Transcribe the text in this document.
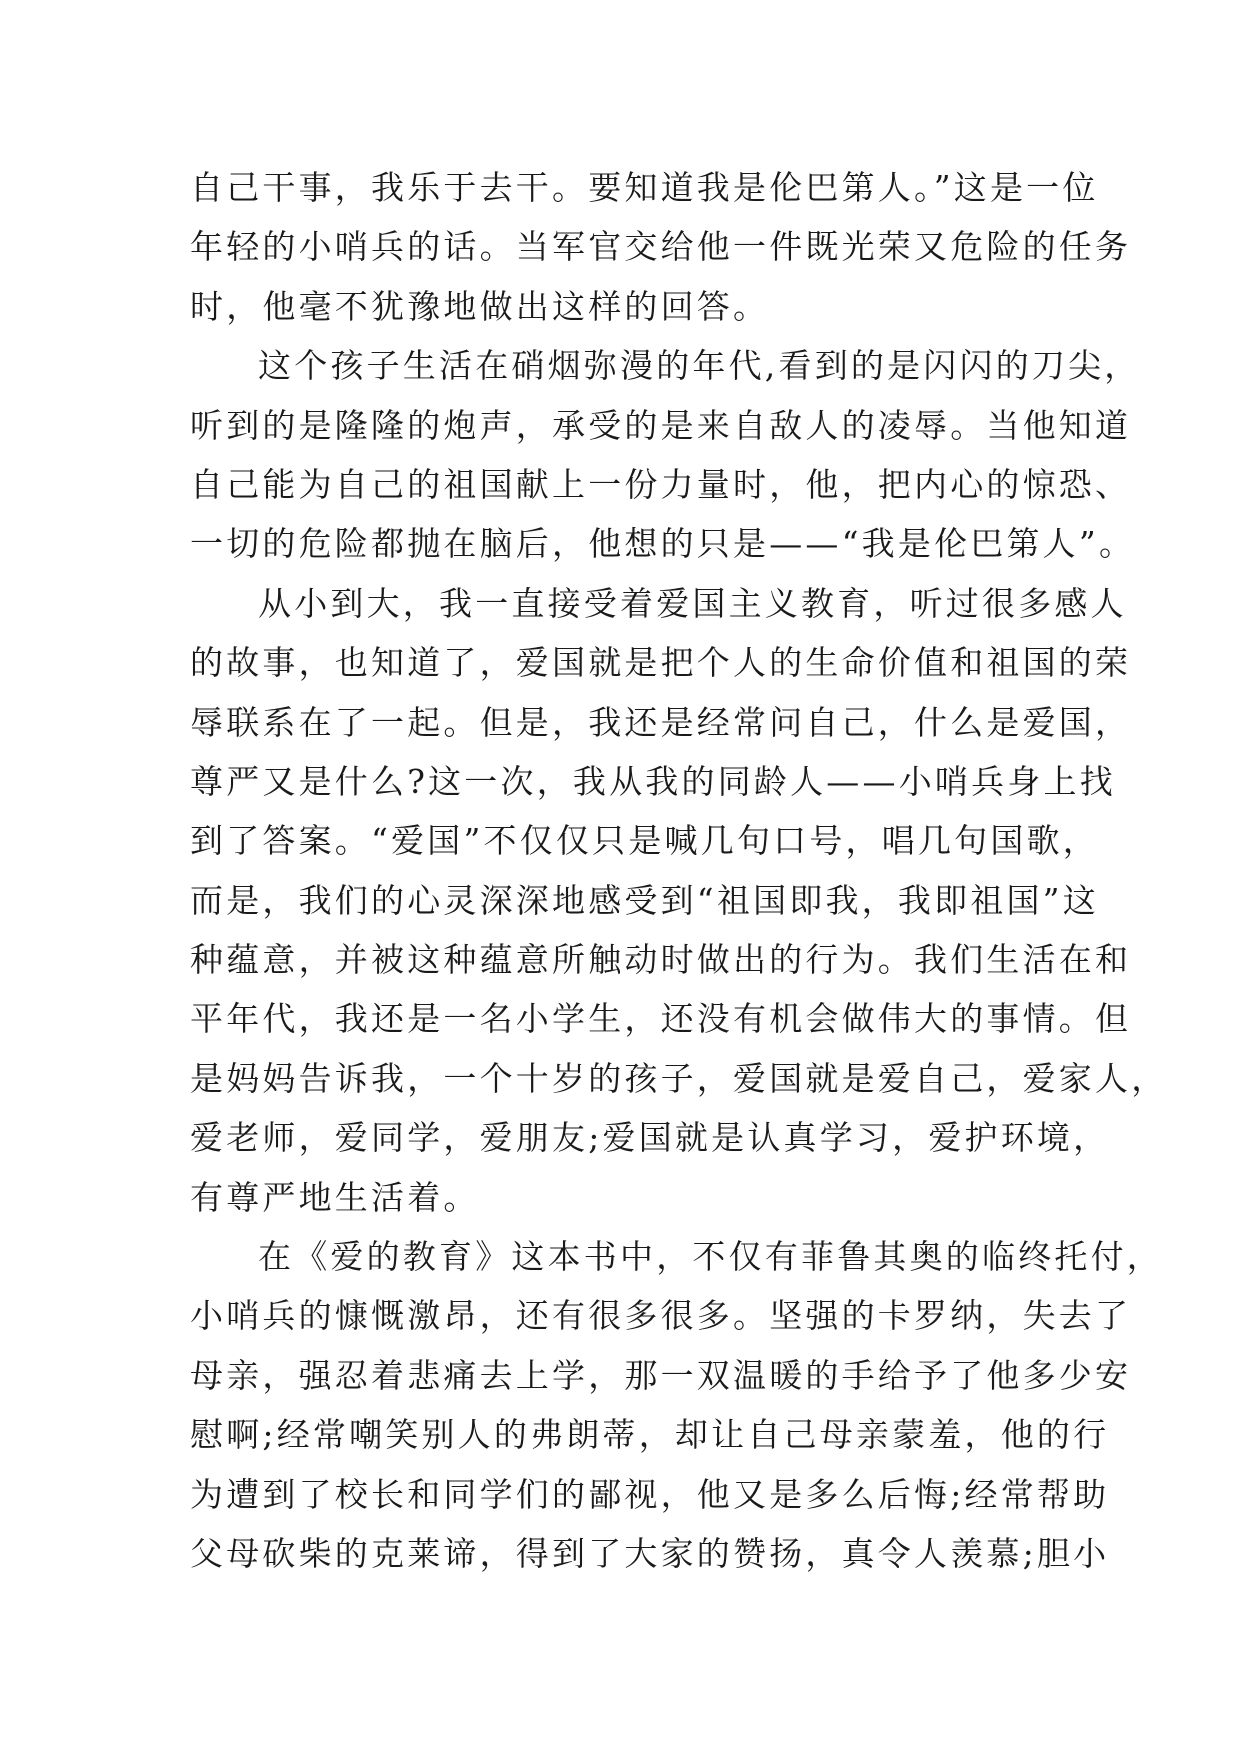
自己干事，我乐于去干。要知道我是伦巴第人。”这是一位
年轻的小哨兵的话。当军官交给他一件既光荣又危险的任务
时，他毫不犹豫地做出这样的回答。
这个孩子生活在硝烟弥漫的年代,看到的是闪闪的刀尖，
听到的是隆隆的炮声，承受的是来自敌人的凌辱。当他知道
自己能为自己的祖国献上一份力量时，他，把内心的惊恐、
一切的危险都抛在脑后，他想的只是——“我是伦巴第人”。
从小到大，我一直接受着爱国主义教育，听过很多感人
的故事，也知道了，爱国就是把个人的生命价值和祖国的荣
辱联系在了一起。但是，我还是经常问自己，什么是爱国，
尊严又是什么?这一次，我从我的同龄人——小哨兵身上找
到了答案。“爱国”不仅仅只是喊几句口号，唱几句国歌，
而是，我们的心灵深深地感受到“祖国即我，我即祖国”这
种蕴意，并被这种蕴意所触动时做出的行为。我们生活在和
平年代，我还是一名小学生，还没有机会做伟大的事情。但
是妈妈告诉我，一个十岁的孩子，爱国就是爱自己，爱家人，
爱老师，爱同学，爱朋友;爱国就是认真学习，爱护环境，
有尊严地生活着。
在《爱的教育》这本书中，不仅有菲鲁其奥的临终托付，
小哨兵的慷慨激昂，还有很多很多。坚强的卡罗纳，失去了
母亲，强忍着悲痛去上学，那一双温暖的手给予了他多少安
慰啊;经常嘲笑别人的弗朗蒂，却让自己母亲蒙羞，他的行
为遭到了校长和同学们的鄙视，他又是多么后悔;经常帮助
父母砍柴的克莱谛，得到了大家的赞扬，真令人羡慕;胆小
